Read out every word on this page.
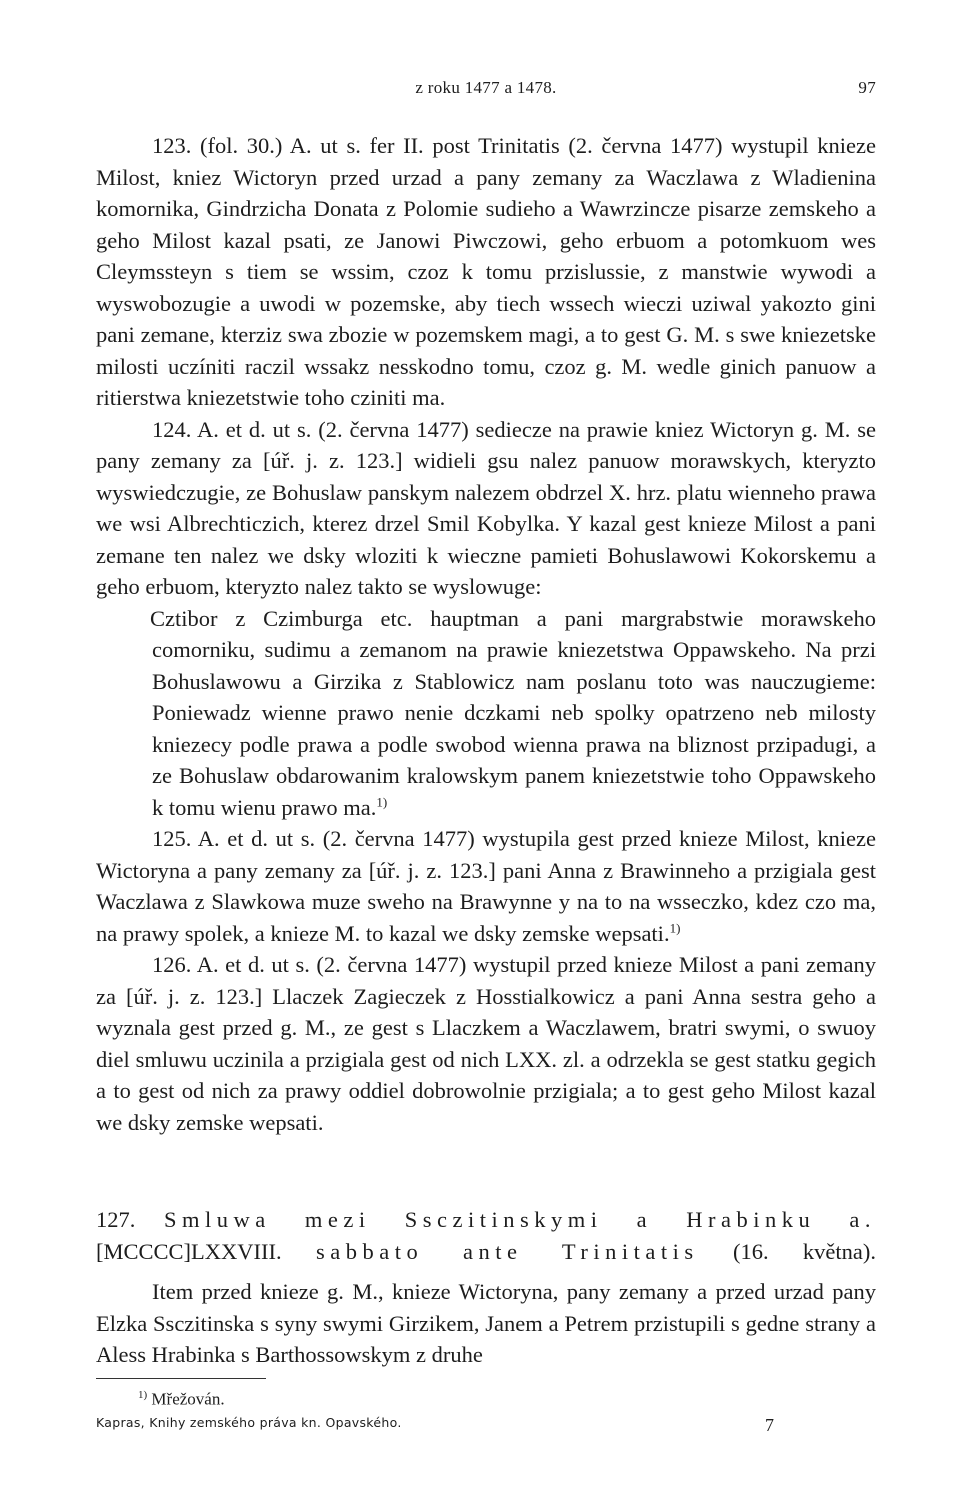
z roku 1477 a 1478.	97

123. (fol. 30.) A. ut s. fer II. post Trinitatis (2. června 1477) wystupil knieze Milost, kniez Wictoryn przed urzad a pany zemany za Waczlawa z Wladienina komornika, Gindrzicha Donata z Polomie sudieho a Wawrzincze pisarze zemskeho a geho Milost kazal psati, ze Janowi Piwczowi, geho erbuom a potomkuom wes Cleymssteyn s tiem se wssim, czoz k tomu przislussie, z manstwie wywodi a wyswobozugie a uwodi w pozemske, aby tiech wssech wieczi uziwal yakozto gini pani zemane, kterziz swa zbozie w pozemskem magi, a to gest G. M. s swe kniezetske milosti uczíniti raczil wssakz nesskodno tomu, czoz g. M. wedle ginich panuow a ritierstwa kniezetstwie toho cziniti ma.

124. A. et d. ut s. (2. června 1477) sediecze na prawie kniez Wictoryn g. M. se pany zemany za [úř. j. z. 123.] widieli gsu nalez panuow morawskych, kteryzto wyswiedczugie, ze Bohuslaw panskym nalezem obdrzel X. hrz. platu wienneho prawa we wsi Albrechticzich, kterez drzel Smil Kobylka. Y kazal gest knieze Milost a pani zemane ten nalez we dsky wloziti k wieczne pamieti Bohuslawowi Kokorskemu a geho erbuom, kteryzto nalez takto se wyslowuge:

Cztibor z Czimburga etc. hauptman a pani margrabstwie morawskeho comorniku, sudimu a zemanom na prawie kniezetstwa Oppawskeho. Na przi Bohuslawowu a Girzika z Stablowicz nam poslanu toto was nauczugieme: Poniewadz wienne prawo nenie dczkami neb spolky opatrzeno neb milosty kniezecy podle prawa a podle swobod wienna prawa na bliznost przipadugi, a ze Bohuslaw obdarowanim kralowskym panem kniezetstwie toho Oppawskeho k tomu wienu prawo ma.$^{1)}$

125. A. et d. ut s. (2. června 1477) wystupila gest przed knieze Milost, knieze Wictoryna a pany zemany za [úř. j. z. 123.] pani Anna z Brawinneho a przigiala gest Waczlawa z Slawkowa muze sweho na Brawynne y na to na wsseczko, kdez czo ma, na prawy spolek, a knieze M. to kazal we dsky zemske wepsati.$^{1)}$

126. A. et d. ut s. (2. června 1477) wystupil przed knieze Milost a pani zemany za [úř. j. z. 123.] Llaczek Zagieczek z Hosstialkowicz a pani Anna sestra geho a wyznala gest przed g. M., ze gest s Llaczkem a Waczlawem, bratri swymi, o swuoy diel smluwu uczinila a przigiala gest od nich LXX. zl. a odrzekla se gest statku gegich a to gest od nich za prawy oddiel dobrowolnie przigiala; a to gest geho Milost kazal we dsky zemske wepsati.

127. Smluwa mezi Ssczitinskymi a Hrabinku a.
[MCCCC]LXXVIII. sabbato ante Trinitatis (16. května).

Item przed knieze g. M., knieze Wictoryna, pany zemany a przed urzad pany Elzka Ssczitinska s syny swymi Girzikem, Janem a Petrem przistupili s gedne strany a Aless Hrabinka s Barthossowskym z druhe

$^{1)}$ Mřežován.
Kapras, Knihy zemského práva kn. Opavského.	7
